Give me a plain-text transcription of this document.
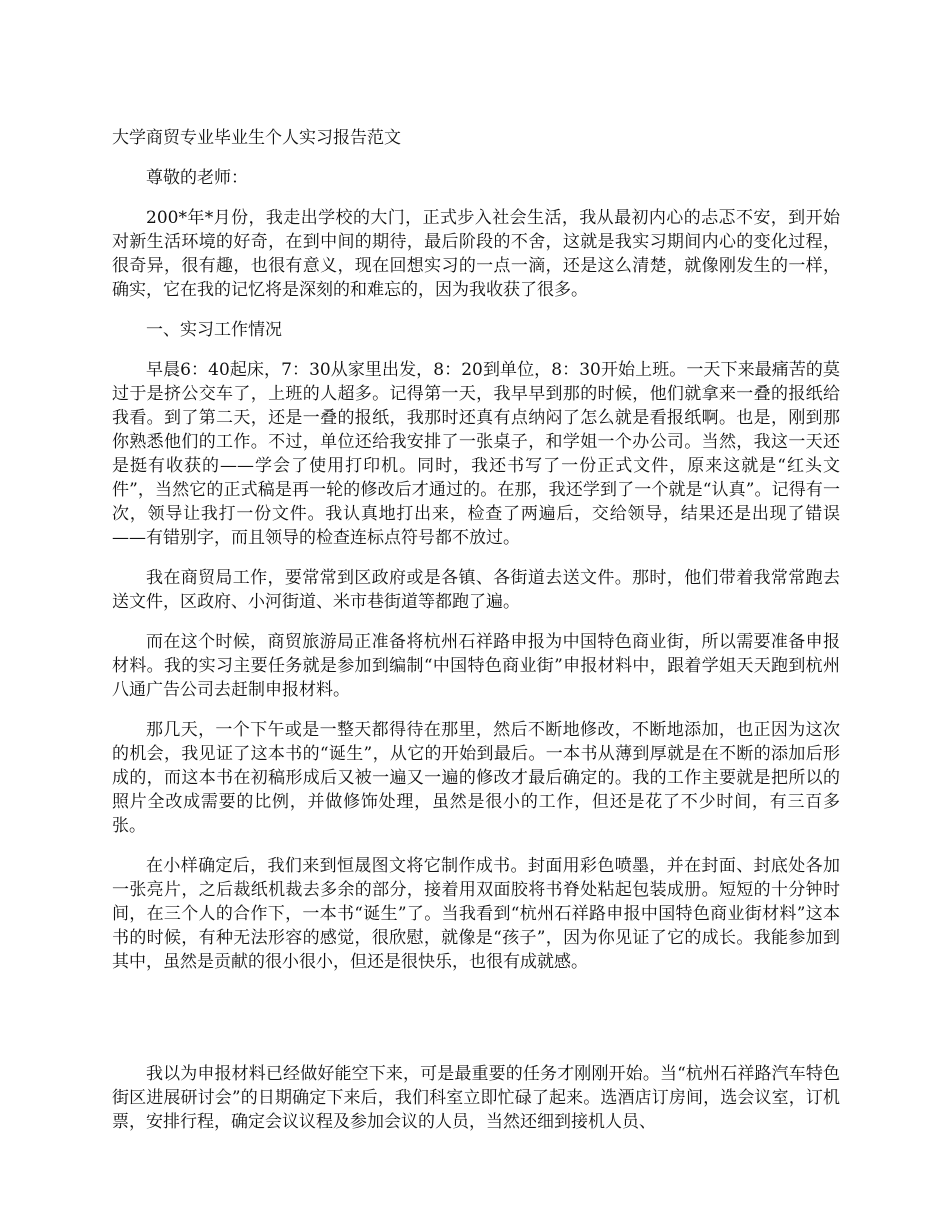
大学商贸专业毕业生个人实习报告范文

尊敬的老师：

200*年*月份，我走出学校的大门，正式步入社会生活，我从最初内心的忐忑不安，到开始对新生活环境的好奇，在到中间的期待，最后阶段的不舍，这就是我实习期间内心的变化过程，很奇异，很有趣，也很有意义，现在回想实习的一点一滴，还是这么清楚，就像刚发生的一样，确实，它在我的记忆将是深刻的和难忘的，因为我收获了很多。

一、实习工作情况

早晨6：40起床，7：30从家里出发，8：20到单位，8：30开始上班。一天下来最痛苦的莫过于是挤公交车了，上班的人超多。记得第一天，我早早到那的时候，他们就拿来一叠的报纸给我看。到了第二天，还是一叠的报纸，我那时还真有点纳闷了怎么就是看报纸啊。也是，刚到那你熟悉他们的工作。不过，单位还给我安排了一张桌子，和学姐一个办公司。当然，我这一天还是挺有收获的——学会了使用打印机。同时，我还书写了一份正式文件，原来这就是“红头文件”，当然它的正式稿是再一轮的修改后才通过的。在那，我还学到了一个就是“认真”。记得有一次，领导让我打一份文件。我认真地打出来，检查了两遍后，交给领导，结果还是出现了错误——有错别字，而且领导的检查连标点符号都不放过。

我在商贸局工作，要常常到区政府或是各镇、各街道去送文件。那时，他们带着我常常跑去送文件，区政府、小河街道、米市巷街道等都跑了遍。

而在这个时候，商贸旅游局正准备将杭州石祥路申报为中国特色商业街，所以需要准备申报材料。我的实习主要任务就是参加到编制“中国特色商业街”申报材料中，跟着学姐天天跑到杭州八通广告公司去赶制申报材料。

那几天，一个下午或是一整天都得待在那里，然后不断地修改，不断地添加，也正因为这次的机会，我见证了这本书的“诞生”，从它的开始到最后。一本书从薄到厚就是在不断的添加后形成的，而这本书在初稿形成后又被一遍又一遍的修改才最后确定的。我的工作主要就是把所以的照片全改成需要的比例，并做修饰处理，虽然是很小的工作，但还是花了不少时间，有三百多张。

在小样确定后，我们来到恒晟图文将它制作成书。封面用彩色喷墨，并在封面、封底处各加一张亮片，之后裁纸机裁去多余的部分，接着用双面胶将书脊处粘起包装成册。短短的十分钟时间，在三个人的合作下，一本书“诞生”了。当我看到“杭州石祥路申报中国特色商业街材料”这本书的时候，有种无法形容的感觉，很欣慰，就像是“孩子”，因为你见证了它的成长。我能参加到其中，虽然是贡献的很小很小，但还是很快乐，也很有成就感。

我以为申报材料已经做好能空下来，可是最重要的任务才刚刚开始。当“杭州石祥路汽车特色街区进展研讨会”的日期确定下来后，我们科室立即忙碌了起来。选酒店订房间，选会议室，订机票，安排行程，确定会议议程及参加会议的人员，当然还细到接机人员、
